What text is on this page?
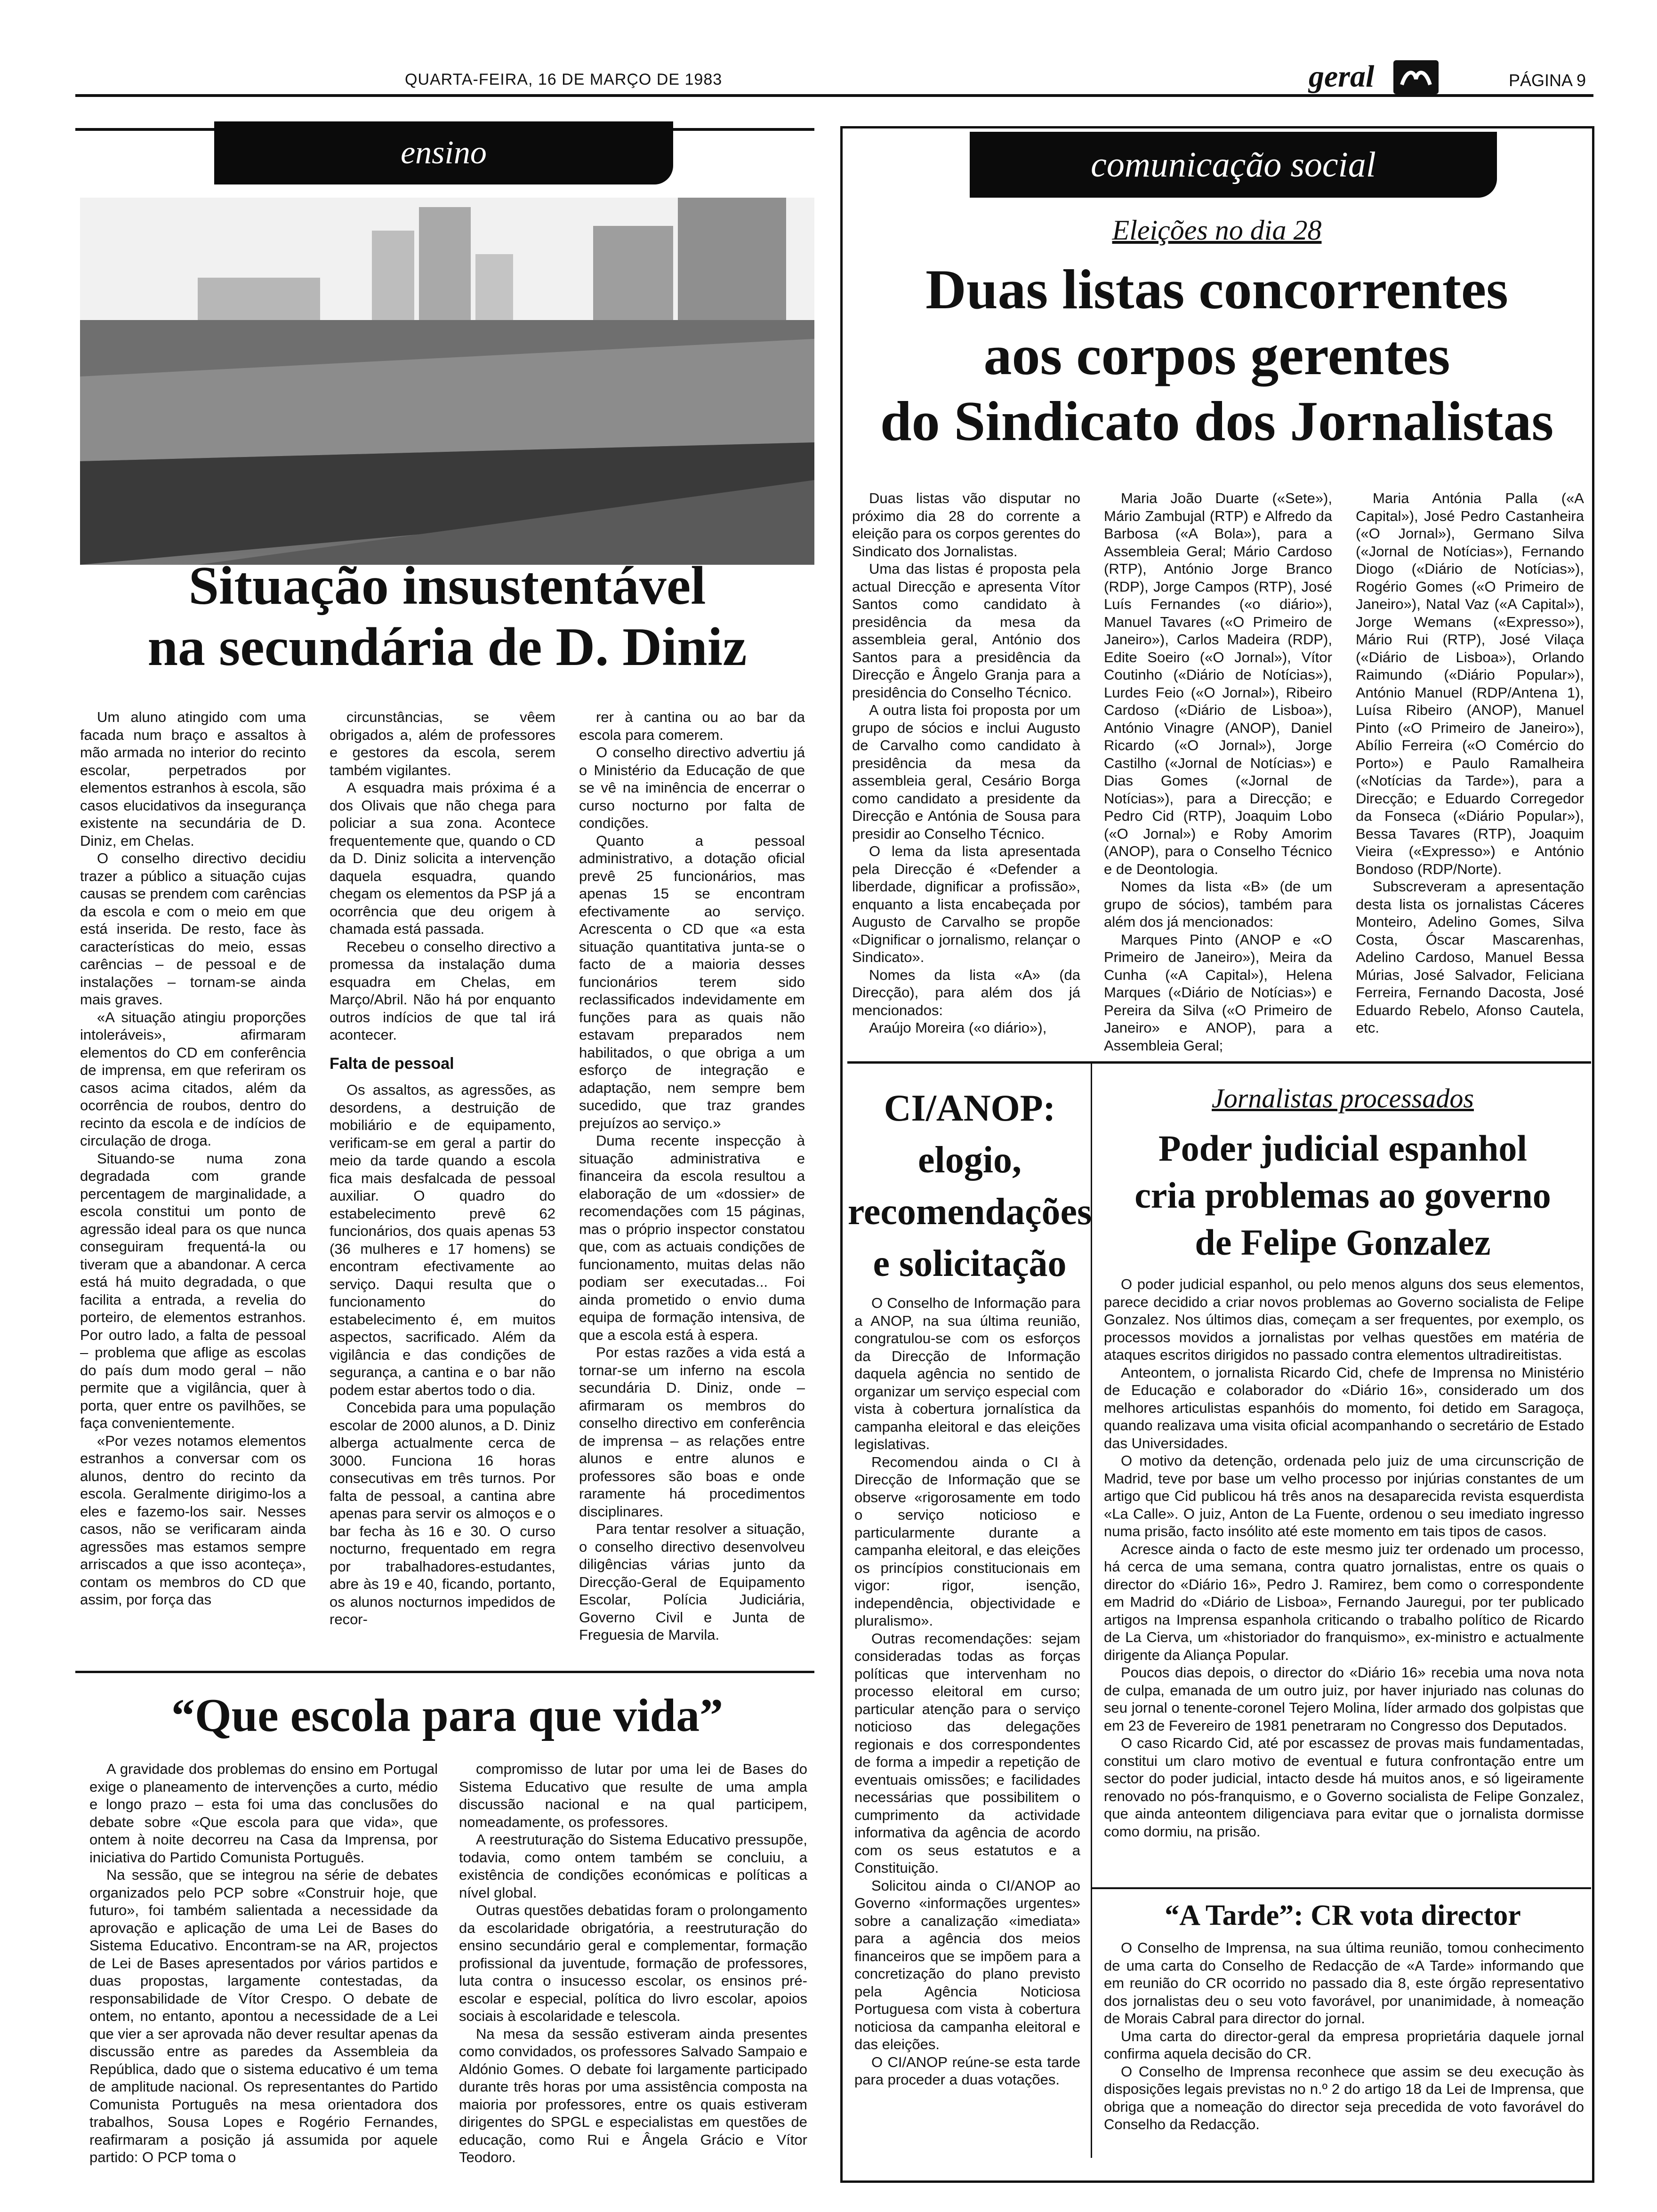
QUARTA-FEIRA, 16 DE MARÇO DE 1983	geral	PÁGINA 9
ensino
Situação insustentável
na secundária de D. Diniz

Um aluno atingido com uma facada num braço e assaltos à mão armada no interior do recinto escolar, perpetrados por elementos estranhos à escola, são casos elucidativos da insegurança existente na secundária de D. Diniz, em Chelas.

O conselho directivo decidiu trazer a público a situação cujas causas se prendem com carências da escola e com o meio em que está inserida. De resto, face às características do meio, essas carências – de pessoal e de instalações – tornam-se ainda mais graves.

«A situação atingiu proporções intoleráveis», afirmaram elementos do CD em conferência de imprensa, em que referiram os casos acima citados, além da ocorrência de roubos, dentro do recinto da escola e de indícios de circulação de droga.

Situando-se numa zona degradada com grande percentagem de marginalidade, a escola constitui um ponto de agressão ideal para os que nunca conseguiram frequentá-la ou tiveram que a abandonar. A cerca está há muito degradada, o que facilita a entrada, a revelia do porteiro, de elementos estranhos. Por outro lado, a falta de pessoal – problema que aflige as escolas do país dum modo geral – não permite que a vigilância, quer à porta, quer entre os pavilhões, se faça convenientemente.

«Por vezes notamos elementos estranhos a conversar com os alunos, dentro do recinto da escola. Geralmente dirigimo-los a eles e fazemo-los sair. Nesses casos, não se verificaram ainda agressões mas estamos sempre arriscados a que isso aconteça», contam os membros do CD que assim, por força das

circunstâncias, se vêem obrigados a, além de professores e gestores da escola, serem também vigilantes.

A esquadra mais próxima é a dos Olivais que não chega para policiar a sua zona. Acontece frequentemente que, quando o CD da D. Diniz solicita a intervenção daquela esquadra, quando chegam os elementos da PSP já a ocorrência que deu origem à chamada está passada.

Recebeu o conselho directivo a promessa da instalação duma esquadra em Chelas, em Março/Abril. Não há por enquanto outros indícios de que tal irá acontecer.

Falta de pessoal

Os assaltos, as agressões, as desordens, a destruição de mobiliário e de equipamento, verificam-se em geral a partir do meio da tarde quando a escola fica mais desfalcada de pessoal auxiliar. O quadro do estabelecimento prevê 62 funcionários, dos quais apenas 53 (36 mulheres e 17 homens) se encontram efectivamente ao serviço. Daqui resulta que o funcionamento do estabelecimento é, em muitos aspectos, sacrificado. Além da vigilância e das condições de segurança, a cantina e o bar não podem estar abertos todo o dia.

Concebida para uma população escolar de 2000 alunos, a D. Diniz alberga actualmente cerca de 3000. Funciona 16 horas consecutivas em três turnos. Por falta de pessoal, a cantina abre apenas para servir os almoços e o bar fecha às 16 e 30. O curso nocturno, frequentado em regra por trabalhadores-estudantes, abre às 19 e 40, ficando, portanto, os alunos nocturnos impedidos de recor-

rer à cantina ou ao bar da escola para comerem.

O conselho directivo advertiu já o Ministério da Educação de que se vê na iminência de encerrar o curso nocturno por falta de condições.

Quanto a pessoal administrativo, a dotação oficial prevê 25 funcionários, mas apenas 15 se encontram efectivamente ao serviço. Acrescenta o CD que «a esta situação quantitativa junta-se o facto de a maioria desses funcionários terem sido reclassificados indevidamente em funções para as quais não estavam preparados nem habilitados, o que obriga a um esforço de integração e adaptação, nem sempre bem sucedido, que traz grandes prejuízos ao serviço.»

Duma recente inspecção à situação administrativa e financeira da escola resultou a elaboração de um «dossier» de recomendações com 15 páginas, mas o próprio inspector constatou que, com as actuais condições de funcionamento, muitas delas não podiam ser executadas... Foi ainda prometido o envio duma equipa de formação intensiva, de que a escola está à espera.

Por estas razões a vida está a tornar-se um inferno na escola secundária D. Diniz, onde – afirmaram os membros do conselho directivo em conferência de imprensa – as relações entre alunos e entre alunos e professores são boas e onde raramente há procedimentos disciplinares.

Para tentar resolver a situação, o conselho directivo desenvolveu diligências várias junto da Direcção-Geral de Equipamento Escolar, Polícia Judiciária, Governo Civil e Junta de Freguesia de Marvila.

“Que escola para que vida”

A gravidade dos problemas do ensino em Portugal exige o planeamento de intervenções a curto, médio e longo prazo – esta foi uma das conclusões do debate sobre «Que escola para que vida», que ontem à noite decorreu na Casa da Imprensa, por iniciativa do Partido Comunista Português.

Na sessão, que se integrou na série de debates organizados pelo PCP sobre «Construir hoje, que futuro», foi também salientada a necessidade da aprovação e aplicação de uma Lei de Bases do Sistema Educativo. Encontram-se na AR, projectos de Lei de Bases apresentados por vários partidos e duas propostas, largamente contestadas, da responsabilidade de Vítor Crespo. O debate de ontem, no entanto, apontou a necessidade de a Lei que vier a ser aprovada não dever resultar apenas da discussão entre as paredes da Assembleia da República, dado que o sistema educativo é um tema de amplitude nacional. Os representantes do Partido Comunista Português na mesa orientadora dos trabalhos, Sousa Lopes e Rogério Fernandes, reafirmaram a posição já assumida por aquele partido: O PCP toma o

compromisso de lutar por uma lei de Bases do Sistema Educativo que resulte de uma ampla discussão nacional e na qual participem, nomeadamente, os professores.

A reestruturação do Sistema Educativo pressupõe, todavia, como ontem também se concluiu, a existência de condições económicas e políticas a nível global.

Outras questões debatidas foram o prolongamento da escolaridade obrigatória, a reestruturação do ensino secundário geral e complementar, formação profissional da juventude, formação de professores, luta contra o insucesso escolar, os ensinos pré-escolar e especial, política do livro escolar, apoios sociais à escolaridade e telescola.

Na mesa da sessão estiveram ainda presentes como convidados, os professores Salvado Sampaio e Aldónio Gomes. O debate foi largamente participado durante três horas por uma assistência composta na maioria por professores, entre os quais estiveram dirigentes do SPGL e especialistas em questões de educação, como Rui e Ângela Grácio e Vítor Teodoro.

comunicação social
Eleições no dia 28
Duas listas concorrentes
aos corpos gerentes
do Sindicato dos Jornalistas

Duas listas vão disputar no próximo dia 28 do corrente a eleição para os corpos gerentes do Sindicato dos Jornalistas.

Uma das listas é proposta pela actual Direcção e apresenta Vítor Santos como candidato à presidência da mesa da assembleia geral, António dos Santos para a presidência da Direcção e Ângelo Granja para a presidência do Conselho Técnico.

A outra lista foi proposta por um grupo de sócios e inclui Augusto de Carvalho como candidato à presidência da mesa da assembleia geral, Cesário Borga como candidato a presidente da Direcção e Antónia de Sousa para presidir ao Conselho Técnico.

O lema da lista apresentada pela Direcção é «Defender a liberdade, dignificar a profissão», enquanto a lista encabeçada por Augusto de Carvalho se propõe «Dignificar o jornalismo, relançar o Sindicato».

Nomes da lista «A» (da Direcção), para além dos já mencionados:

Araújo Moreira («o diário»),

Maria João Duarte («Sete»), Mário Zambujal (RTP) e Alfredo da Barbosa («A Bola»), para a Assembleia Geral; Mário Cardoso (RTP), António Jorge Branco (RDP), Jorge Campos (RTP), José Luís Fernandes («o diário»), Manuel Tavares («O Primeiro de Janeiro»), Carlos Madeira (RDP), Edite Soeiro («O Jornal»), Vítor Coutinho («Diário de Notícias»), Lurdes Feio («O Jornal»), Ribeiro Cardoso («Diário de Lisboa»), António Vinagre (ANOP), Daniel Ricardo («O Jornal»), Jorge Castilho («Jornal de Notícias») e Dias Gomes («Jornal de Notícias»), para a Direcção; e Pedro Cid (RTP), Joaquim Lobo («O Jornal») e Roby Amorim (ANOP), para o Conselho Técnico e de Deontologia.

Nomes da lista «B» (de um grupo de sócios), também para além dos já mencionados:

Marques Pinto (ANOP e «O Primeiro de Janeiro»), Meira da Cunha («A Capital»), Helena Marques («Diário de Notícias») e Pereira da Silva («O Primeiro de Janeiro» e ANOP), para a Assembleia Geral;

Maria Antónia Palla («A Capital»), José Pedro Castanheira («O Jornal»), Germano Silva («Jornal de Notícias»), Fernando Diogo («Diário de Notícias»), Rogério Gomes («O Primeiro de Janeiro»), Natal Vaz («A Capital»), Jorge Wemans («Expresso»), Mário Rui (RTP), José Vilaça («Diário de Lisboa»), Orlando Raimundo («Diário Popular»), António Manuel (RDP/Antena 1), Luísa Ribeiro (ANOP), Manuel Pinto («O Primeiro de Janeiro»), Abílio Ferreira («O Comércio do Porto») e Paulo Ramalheira («Notícias da Tarde»), para a Direcção; e Eduardo Corregedor da Fonseca («Diário Popular»), Bessa Tavares (RTP), Joaquim Vieira («Expresso») e António Bondoso (RDP/Norte).

Subscreveram a apresentação desta lista os jornalistas Cáceres Monteiro, Adelino Gomes, Silva Costa, Óscar Mascarenhas, Adelino Cardoso, Manuel Bessa Múrias, José Salvador, Feliciana Ferreira, Fernando Dacosta, José Eduardo Rebelo, Afonso Cautela, etc.

CI/ANOP:
elogio,
recomendações
e solicitação

O Conselho de Informação para a ANOP, na sua última reunião, congratulou-se com os esforços da Direcção de Informação daquela agência no sentido de organizar um serviço especial com vista à cobertura jornalística da campanha eleitoral e das eleições legislativas.

Recomendou ainda o CI à Direcção de Informação que se observe «rigorosamente em todo o serviço noticioso e particularmente durante a campanha eleitoral, e das eleições os princípios constitucionais em vigor: rigor, isenção, independência, objectividade e pluralismo».

Outras recomendações: sejam consideradas todas as forças políticas que intervenham no processo eleitoral em curso; particular atenção para o serviço noticioso das delegações regionais e dos correspondentes de forma a impedir a repetição de eventuais omissões; e facilidades necessárias que possibilitem o cumprimento da actividade informativa da agência de acordo com os seus estatutos e a Constituição.

Solicitou ainda o CI/ANOP ao Governo «informações urgentes» sobre a canalização «imediata» para a agência dos meios financeiros que se impõem para a concretização do plano previsto pela Agência Noticiosa Portuguesa com vista à cobertura noticiosa da campanha eleitoral e das eleições.

O CI/ANOP reúne-se esta tarde para proceder a duas votações.

Jornalistas processados
Poder judicial espanhol
cria problemas ao governo
de Felipe Gonzalez

O poder judicial espanhol, ou pelo menos alguns dos seus elementos, parece decidido a criar novos problemas ao Governo socialista de Felipe Gonzalez. Nos últimos dias, começam a ser frequentes, por exemplo, os processos movidos a jornalistas por velhas questões em matéria de ataques escritos dirigidos no passado contra elementos ultradireitistas.

Anteontem, o jornalista Ricardo Cid, chefe de Imprensa no Ministério de Educação e colaborador do «Diário 16», considerado um dos melhores articulistas espanhóis do momento, foi detido em Saragoça, quando realizava uma visita oficial acompanhando o secretário de Estado das Universidades.

O motivo da detenção, ordenada pelo juiz de uma circunscrição de Madrid, teve por base um velho processo por injúrias constantes de um artigo que Cid publicou há três anos na desaparecida revista esquerdista «La Calle». O juiz, Anton de La Fuente, ordenou o seu imediato ingresso numa prisão, facto insólito até este momento em tais tipos de casos.

Acresce ainda o facto de este mesmo juiz ter ordenado um processo, há cerca de uma semana, contra quatro jornalistas, entre os quais o director do «Diário 16», Pedro J. Ramirez, bem como o correspondente em Madrid do «Diário de Lisboa», Fernando Jauregui, por ter publicado artigos na Imprensa espanhola criticando o trabalho político de Ricardo de La Cierva, um «historiador do franquismo», ex-ministro e actualmente dirigente da Aliança Popular.

Poucos dias depois, o director do «Diário 16» recebia uma nova nota de culpa, emanada de um outro juiz, por haver injuriado nas colunas do seu jornal o tenente-coronel Tejero Molina, líder armado dos golpistas que em 23 de Fevereiro de 1981 penetraram no Congresso dos Deputados.

O caso Ricardo Cid, até por escassez de provas mais fundamentadas, constitui um claro motivo de eventual e futura confrontação entre um sector do poder judicial, intacto desde há muitos anos, e só ligeiramente renovado no pós-franquismo, e o Governo socialista de Felipe Gonzalez, que ainda anteontem diligenciava para evitar que o jornalista dormisse como dormiu, na prisão.

“A Tarde”: CR vota director

O Conselho de Imprensa, na sua última reunião, tomou conhecimento de uma carta do Conselho de Redacção de «A Tarde» informando que em reunião do CR ocorrido no passado dia 8, este órgão representativo dos jornalistas deu o seu voto favorável, por unanimidade, à nomeação de Morais Cabral para director do jornal.

Uma carta do director-geral da empresa proprietária daquele jornal confirma aquela decisão do CR.

O Conselho de Imprensa reconhece que assim se deu execução às disposições legais previstas no n.º 2 do artigo 18 da Lei de Imprensa, que obriga que a nomeação do director seja precedida de voto favorável do Conselho da Redacção.
